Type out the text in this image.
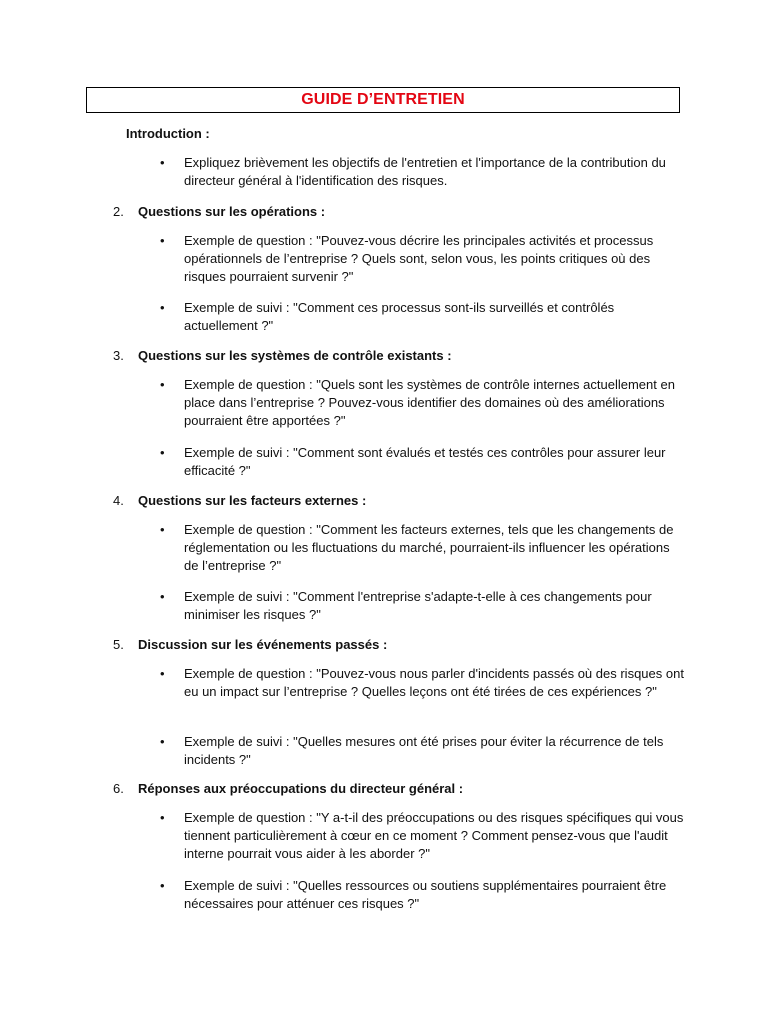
GUIDE D’ENTRETIEN

Introduction :

• Expliquez brièvement les objectifs de l'entretien et l'importance de la contribution du directeur général à l'identification des risques.

2. Questions sur les opérations :

• Exemple de question : "Pouvez-vous décrire les principales activités et processus opérationnels de l’entreprise ? Quels sont, selon vous, les points critiques où des risques pourraient survenir ?"

• Exemple de suivi : "Comment ces processus sont-ils surveillés et contrôlés actuellement ?"

3. Questions sur les systèmes de contrôle existants :

• Exemple de question : "Quels sont les systèmes de contrôle internes actuellement en place dans l’entreprise ? Pouvez-vous identifier des domaines où des améliorations pourraient être apportées ?"

• Exemple de suivi : "Comment sont évalués et testés ces contrôles pour assurer leur efficacité ?"

4. Questions sur les facteurs externes :

• Exemple de question : "Comment les facteurs externes, tels que les changements de réglementation ou les fluctuations du marché, pourraient-ils influencer les opérations de l’entreprise ?"

• Exemple de suivi : "Comment l'entreprise s'adapte-t-elle à ces changements pour minimiser les risques ?"

5. Discussion sur les événements passés :

• Exemple de question : "Pouvez-vous nous parler d'incidents passés où des risques ont eu un impact sur l’entreprise ? Quelles leçons ont été tirées de ces expériences ?"

• Exemple de suivi : "Quelles mesures ont été prises pour éviter la récurrence de tels incidents ?"

6. Réponses aux préoccupations du directeur général :

• Exemple de question : "Y a-t-il des préoccupations ou des risques spécifiques qui vous tiennent particulièrement à cœur en ce moment ? Comment pensez-vous que l'audit interne pourrait vous aider à les aborder ?"

• Exemple de suivi : "Quelles ressources ou soutiens supplémentaires pourraient être nécessaires pour atténuer ces risques ?"
